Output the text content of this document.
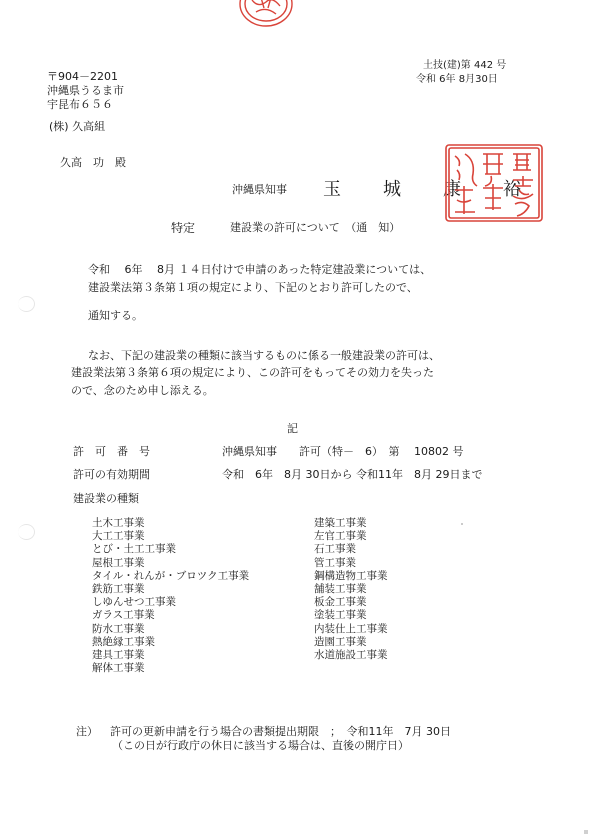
土技(建)第 442 号
令和 6年 8月30日
〒904－2201
沖縄県うるま市
宇昆布６５６
(株) 久高組
久高　功　殿
沖縄県知事 玉　城　康　裕
特定	建設業の許可について　（通　知）
令和　 6年　 8月 １４日付けで申請のあった特定建設業については、
建設業法第３条第１項の規定により、下記のとおり許可したので、
通知する。
なお、下記の建設業の種類に該当するものに係る一般建設業の許可は、
建設業法第３条第６項の規定により、この許可をもってその効力を失った
ので、念のため申し添える。
記
許　可　番　号	沖縄県知事　　許可（特－　6）　第　 10802 号
許可の有効期間	令和　6年　8月 30日から 令和11年　8月 29日まで
建設業の種類
土木工事業
大工工事業
とび・土工工事業
屋根工事業
タイル・れんが・ブロツク工事業
鉄筋工事業
しゆんせつ工事業
ガラス工事業
防水工事業
熱絶縁工事業
建具工事業
解体工事業
建築工事業
左官工事業
石工事業
管工事業
鋼構造物工事業
舗装工事業
板金工事業
塗装工事業
内装仕上工事業
造園工事業
水道施設工事業
注） 許可の更新申請を行う場合の書類提出期限　；　令和11年　7月 30日
（この日が行政庁の休日に該当する場合は、直後の開庁日）
